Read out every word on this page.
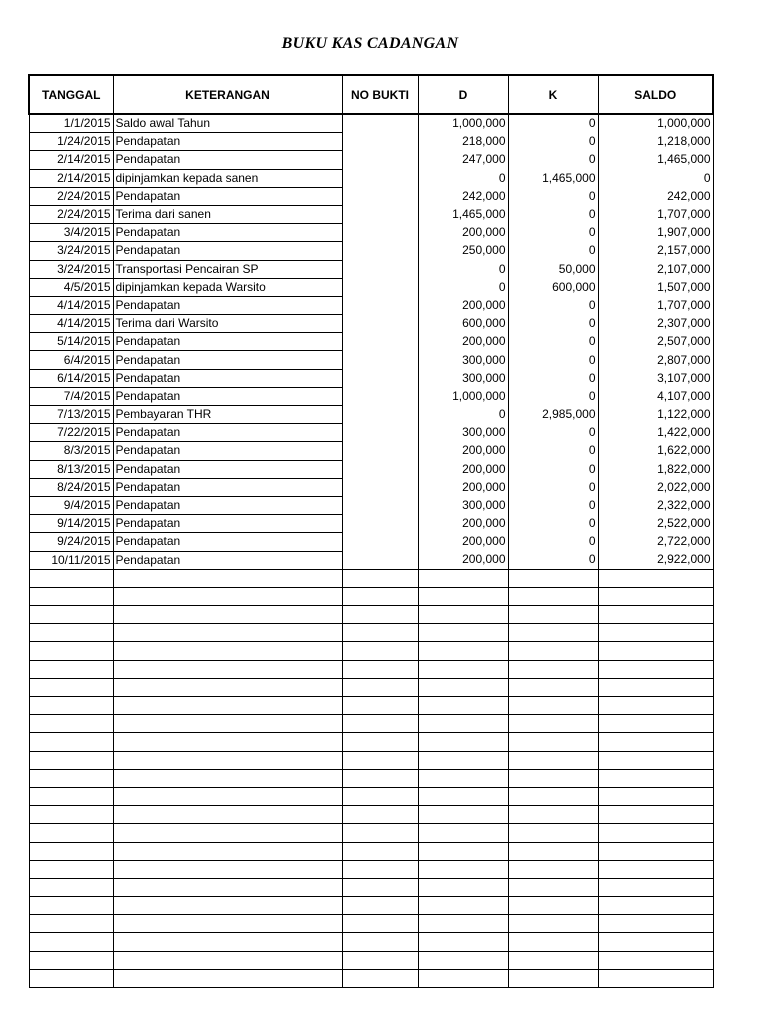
BUKU KAS CADANGAN
TANGGAL	KETERANGAN	NO BUKTI	D	K	SALDO
1/1/2015	Saldo awal Tahun		1,000,000	0	1,000,000
1/24/2015	Pendapatan		218,000	0	1,218,000
2/14/2015	Pendapatan		247,000	0	1,465,000
2/14/2015	dipinjamkan kepada sanen		0	1,465,000	0
2/24/2015	Pendapatan		242,000	0	242,000
2/24/2015	Terima dari sanen		1,465,000	0	1,707,000
3/4/2015	Pendapatan		200,000	0	1,907,000
3/24/2015	Pendapatan		250,000	0	2,157,000
3/24/2015	Transportasi Pencairan SP		0	50,000	2,107,000
4/5/2015	dipinjamkan kepada Warsito		0	600,000	1,507,000
4/14/2015	Pendapatan		200,000	0	1,707,000
4/14/2015	Terima dari Warsito		600,000	0	2,307,000
5/14/2015	Pendapatan		200,000	0	2,507,000
6/4/2015	Pendapatan		300,000	0	2,807,000
6/14/2015	Pendapatan		300,000	0	3,107,000
7/4/2015	Pendapatan		1,000,000	0	4,107,000
7/13/2015	Pembayaran THR		0	2,985,000	1,122,000
7/22/2015	Pendapatan		300,000	0	1,422,000
8/3/2015	Pendapatan		200,000	0	1,622,000
8/13/2015	Pendapatan		200,000	0	1,822,000
8/24/2015	Pendapatan		200,000	0	2,022,000
9/4/2015	Pendapatan		300,000	0	2,322,000
9/14/2015	Pendapatan		200,000	0	2,522,000
9/24/2015	Pendapatan		200,000	0	2,722,000
10/11/2015	Pendapatan		200,000	0	2,922,000
